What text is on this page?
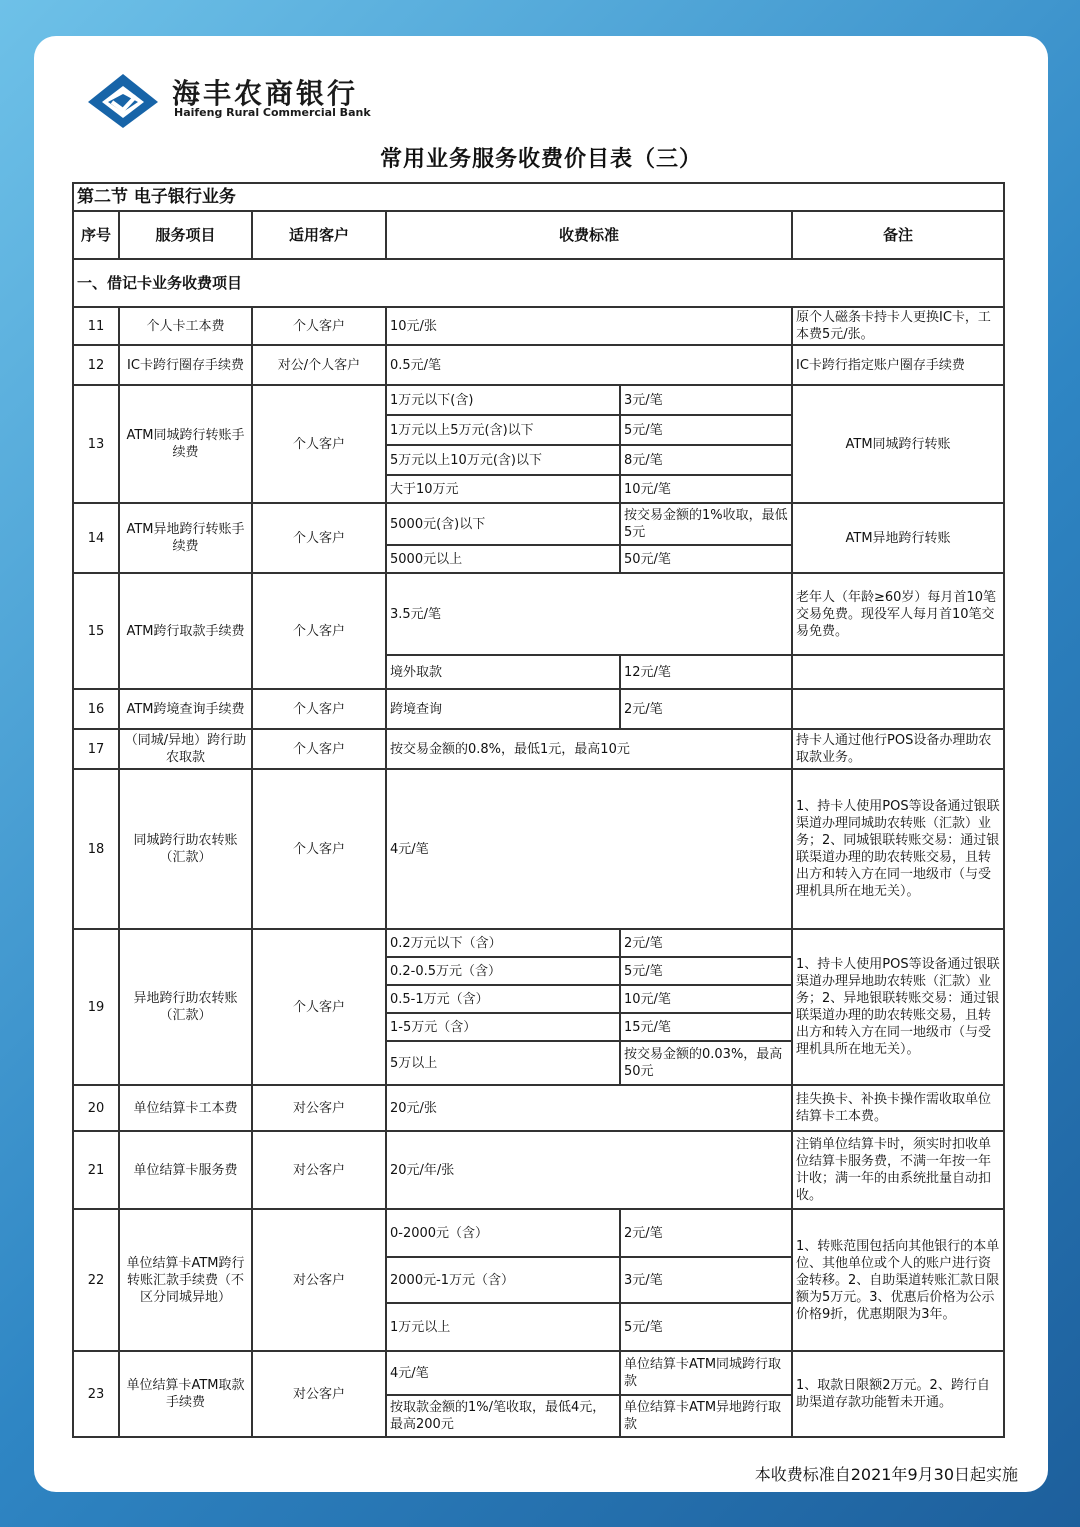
海丰农商银行
Haifeng Rural Commercial Bank
常用业务服务收费价目表（三）
第二节 电子银行业务					
序号	服务项目	适用客户	收费标准		备注
一、借记卡业务收费项目					
11	个人卡工本费	个人客户	10元/张		原个人磁条卡持卡人更换IC卡，工本费5元/张。
12	IC卡跨行圈存手续费	对公/个人客户	0.5元/笔		IC卡跨行指定账户圈存手续费
13	ATM同城跨行转账手续费	个人客户	1万元以下(含)	3元/笔	ATM同城跨行转账
			1万元以上5万元(含)以下	5元/笔	
			5万元以上10万元(含)以下	8元/笔	
			大于10万元	10元/笔	
14	ATM异地跨行转账手续费	个人客户	5000元(含)以下	按交易金额的1%收取，最低5元	ATM异地跨行转账
			5000元以上	50元/笔	
15	ATM跨行取款手续费	个人客户	3.5元/笔		老年人（年龄≥60岁）每月首10笔交易免费。现役军人每月首10笔交易免费。
			境外取款	12元/笔	
16	ATM跨境查询手续费	个人客户	跨境查询	2元/笔	
17	（同城/异地）跨行助农取款	个人客户	按交易金额的0.8%，最低1元，最高10元		持卡人通过他行POS设备办理助农取款业务。
18	同城跨行助农转账（汇款）	个人客户	4元/笔		1、持卡人使用POS等设备通过银联渠道办理同城助农转账（汇款）业务；2、同城银联转账交易：通过银联渠道办理的助农转账交易，且转出方和转入方在同一地级市（与受理机具所在地无关）。
19	异地跨行助农转账（汇款）	个人客户	0.2万元以下（含）	2元/笔	1、持卡人使用POS等设备通过银联渠道办理异地助农转账（汇款）业务；2、异地银联转账交易：通过银联渠道办理的助农转账交易，且转出方和转入方在同一地级市（与受理机具所在地无关）。
			0.2-0.5万元（含）	5元/笔	
			0.5-1万元（含）	10元/笔	
			1-5万元（含）	15元/笔	
			5万以上	按交易金额的0.03%，最高50元	
20	单位结算卡工本费	对公客户	20元/张		挂失换卡、补换卡操作需收取单位结算卡工本费。
21	单位结算卡服务费	对公客户	20元/年/张		注销单位结算卡时，须实时扣收单位结算卡服务费，不满一年按一年计收；满一年的由系统批量自动扣收。
22	单位结算卡ATM跨行转账汇款手续费（不区分同城异地）	对公客户	0-2000元（含）	2元/笔	1、转账范围包括向其他银行的本单位、其他单位或个人的账户进行资金转移。2、自助渠道转账汇款日限额为5万元。3、优惠后价格为公示价格9折，优惠期限为3年。
			2000元-1万元（含）	3元/笔	
			1万元以上	5元/笔	
23	单位结算卡ATM取款手续费	对公客户	4元/笔	单位结算卡ATM同城跨行取款	1、取款日限额2万元。2、跨行自助渠道存款功能暂未开通。
			按取款金额的1%/笔收取，最低4元，最高200元	单位结算卡ATM异地跨行取款	
本收费标准自2021年9月30日起实施
